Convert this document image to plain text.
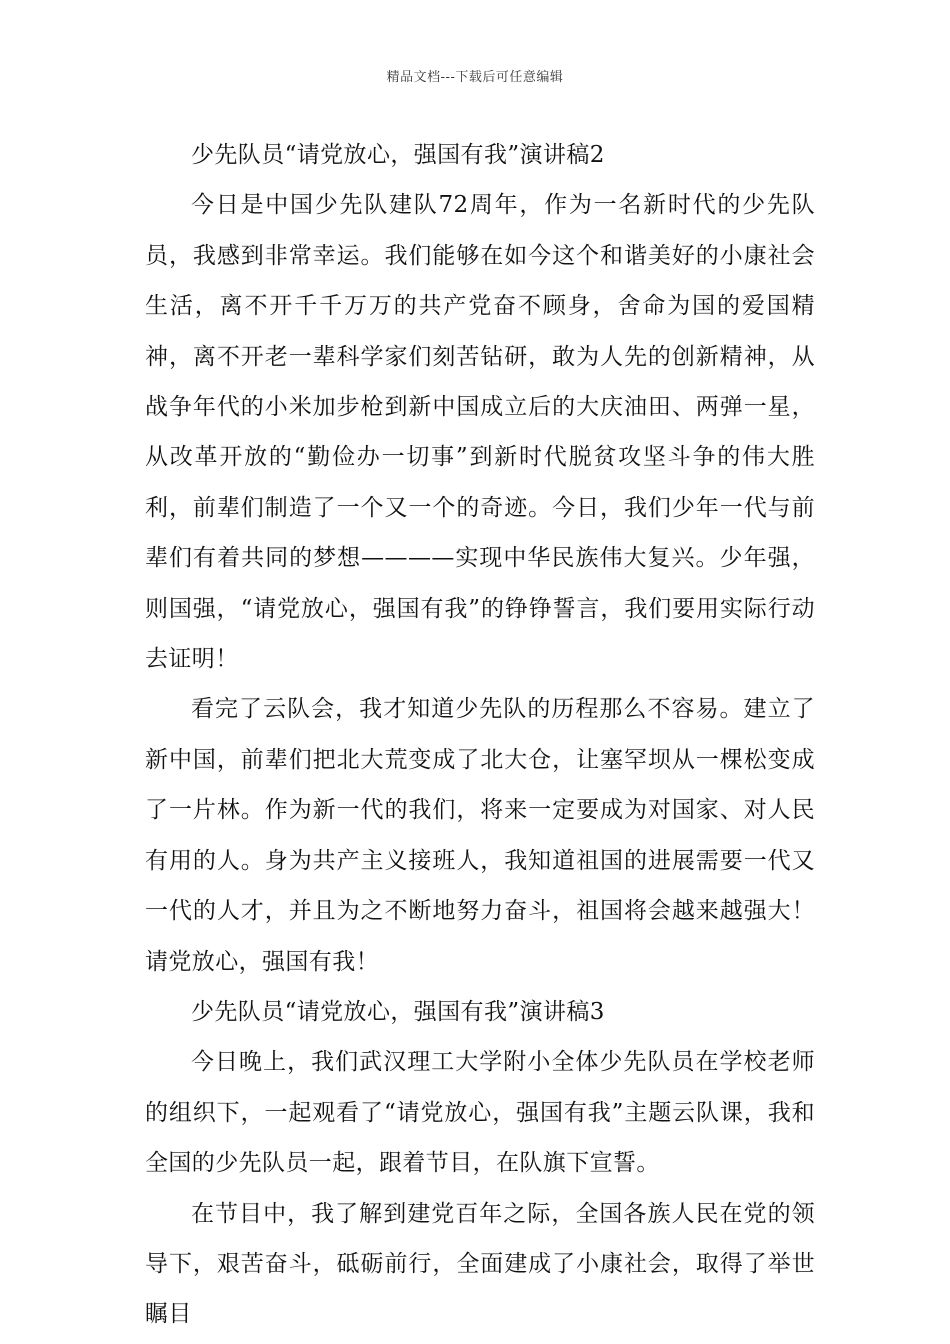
精品文档---下载后可任意编辑

少先队员“请党放心，强国有我”演讲稿2

今日是中国少先队建队72周年，作为一名新时代的少先队员，我感到非常幸运。我们能够在如今这个和谐美好的小康社会生活，离不开千千万万的共产党奋不顾身，舍命为国的爱国精神，离不开老一辈科学家们刻苦钻研，敢为人先的创新精神，从战争年代的小米加步枪到新中国成立后的大庆油田、两弹一星，从改革开放的“勤俭办一切事”到新时代脱贫攻坚斗争的伟大胜利，前辈们制造了一个又一个的奇迹。今日，我们少年一代与前辈们有着共同的梦想————实现中华民族伟大复兴。少年强，则国强，“请党放心，强国有我”的铮铮誓言，我们要用实际行动去证明！

看完了云队会，我才知道少先队的历程那么不容易。建立了新中国，前辈们把北大荒变成了北大仓，让塞罕坝从一棵松变成了一片林。作为新一代的我们，将来一定要成为对国家、对人民有用的人。身为共产主义接班人，我知道祖国的进展需要一代又一代的人才，并且为之不断地努力奋斗，祖国将会越来越强大！请党放心，强国有我！

少先队员“请党放心，强国有我”演讲稿3

今日晚上，我们武汉理工大学附小全体少先队员在学校老师的组织下，一起观看了“请党放心，强国有我”主题云队课，我和全国的少先队员一起，跟着节目，在队旗下宣誓。

在节目中，我了解到建党百年之际，全国各族人民在党的领导下，艰苦奋斗，砥砺前行，全面建成了小康社会，取得了举世瞩目
